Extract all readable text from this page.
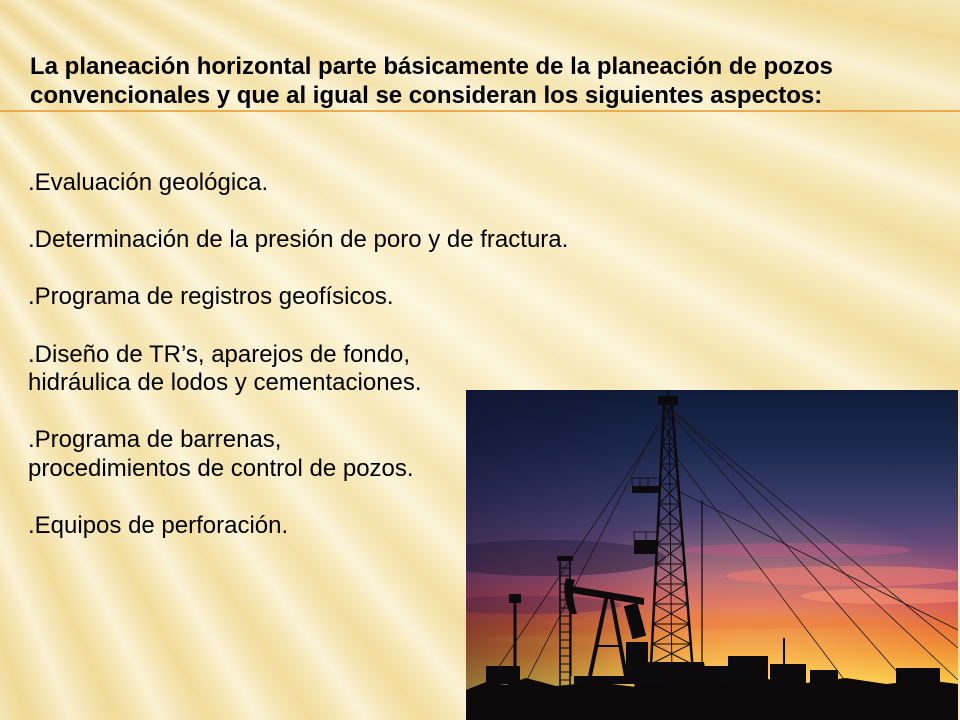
La planeación horizontal parte básicamente de la planeación de pozos
convencionales y que al igual se consideran los siguientes aspectos:
.Evaluación geológica.
.Determinación de la presión de poro y de fractura.
.Programa de registros geofísicos.
.Diseño de TR’s, aparejos de fondo,
hidráulica de lodos y cementaciones.
.Programa de barrenas,
procedimientos de control de pozos.
.Equipos de perforación.
